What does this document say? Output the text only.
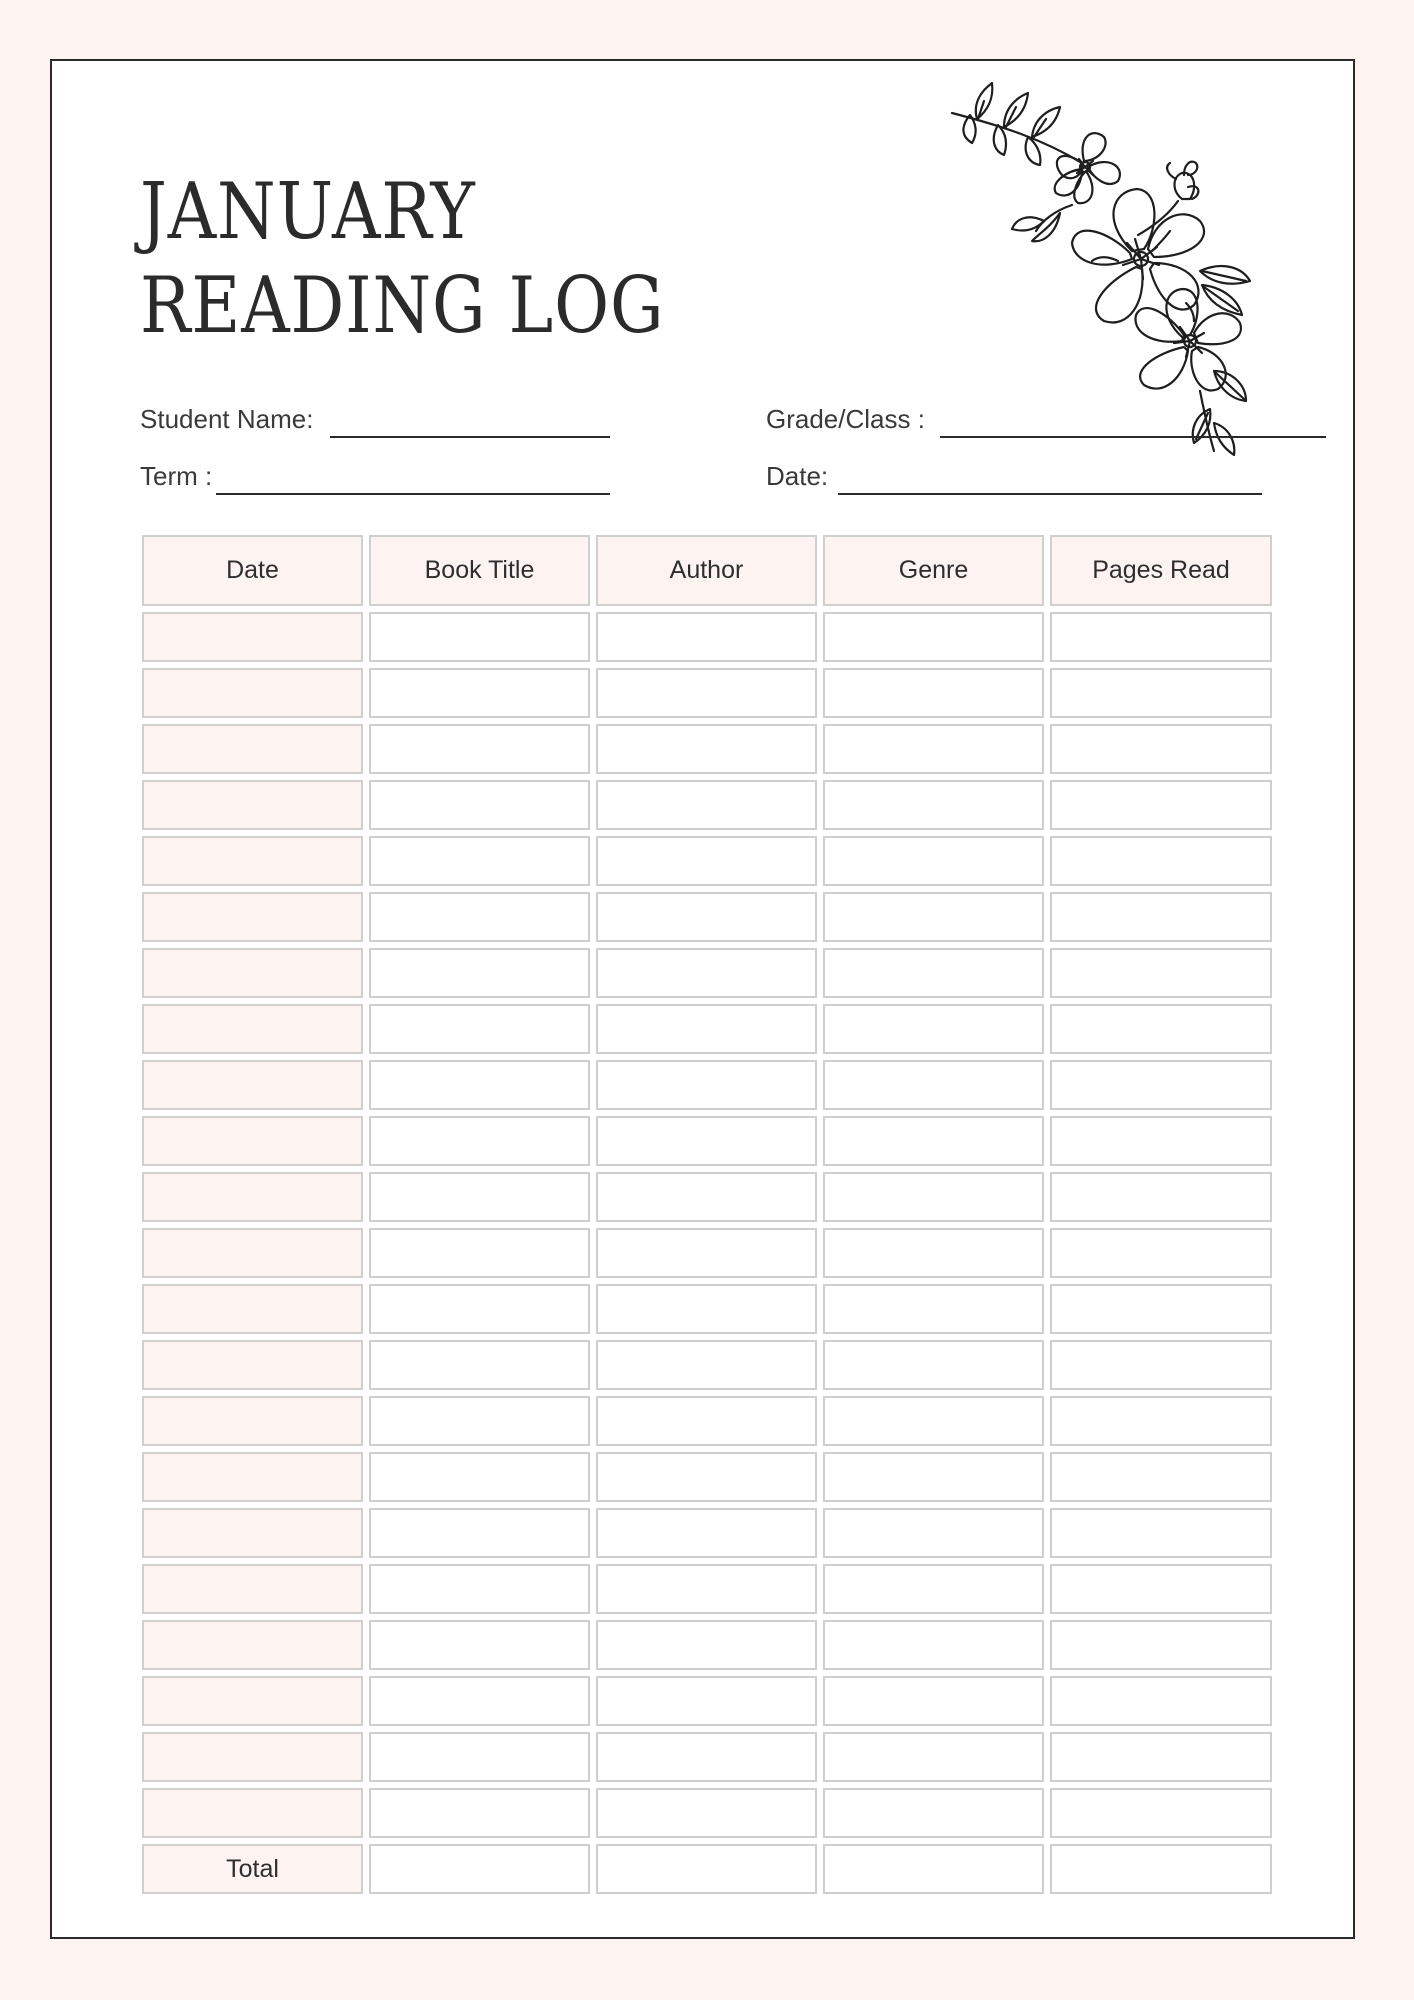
JANUARY
READING LOG
Student Name:	Grade/Class :
Term :	Date:
Date	Book Title	Author	Genre	Pages Read

Total				
